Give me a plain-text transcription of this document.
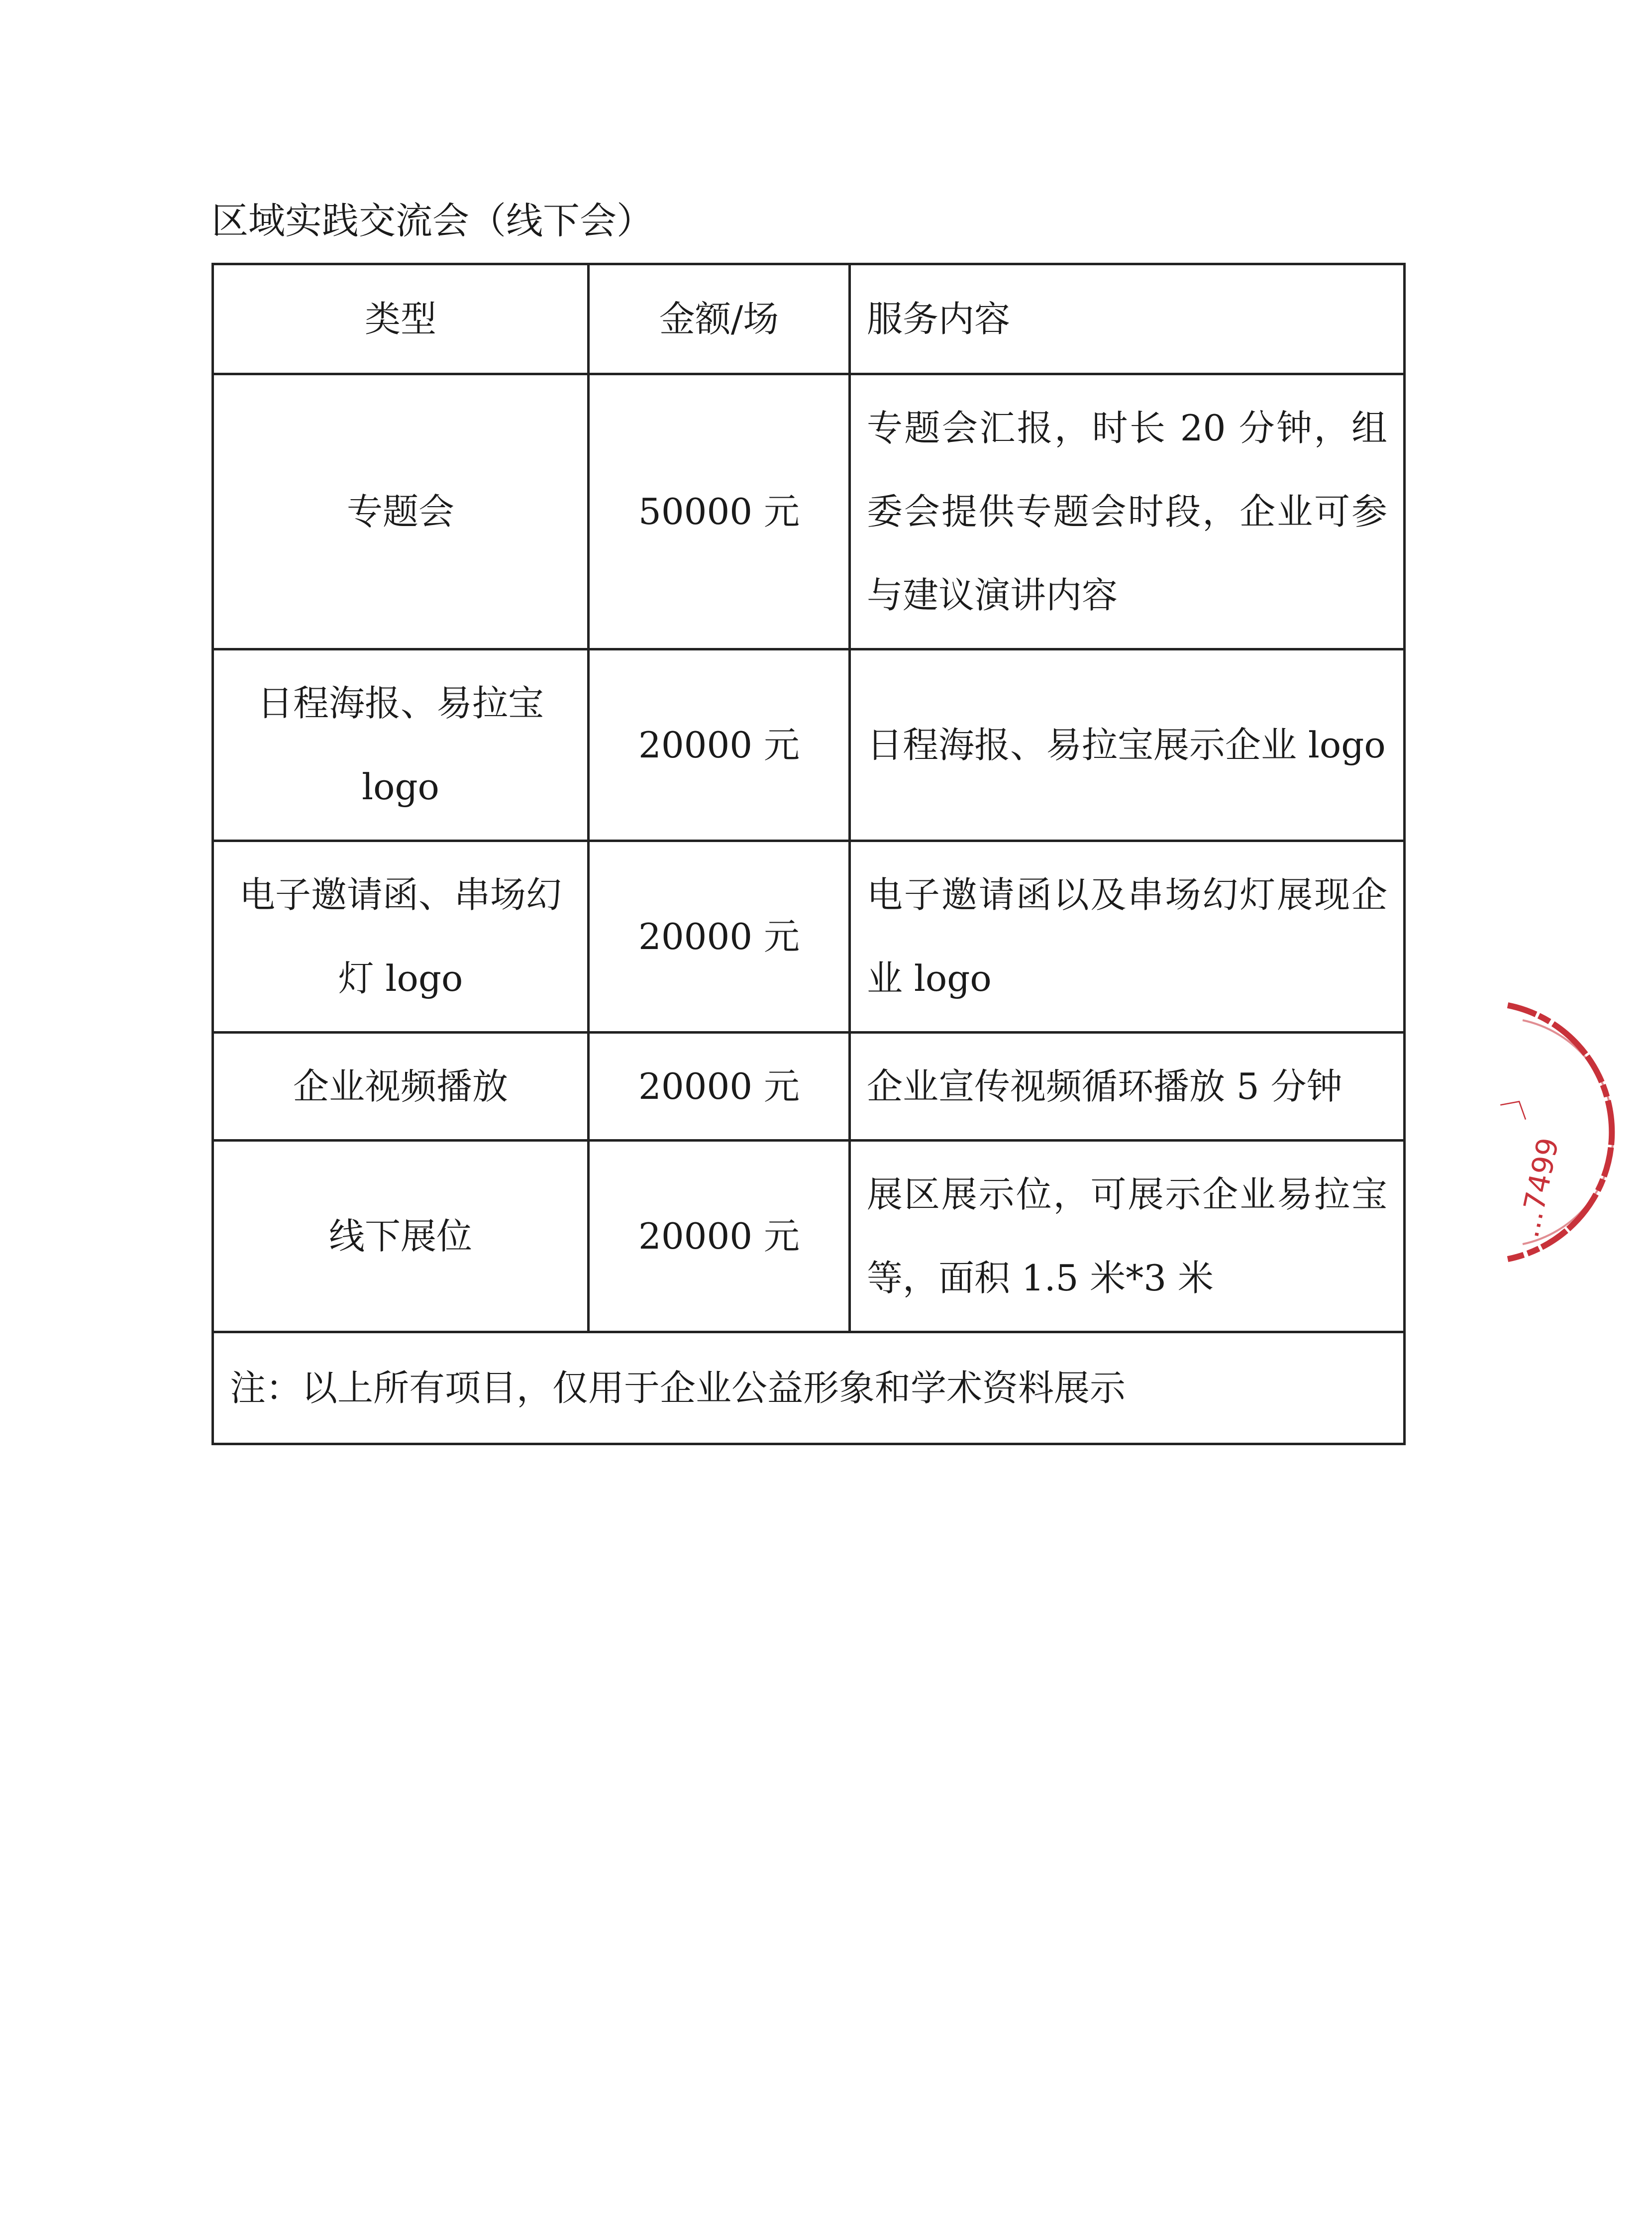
区域实践交流会（线下会）
类型	金额/场	服务内容
专题会	50000 元	专题会汇报，时长 20 分钟，组委会提供专题会时段，企业可参与建议演讲内容
日程海报、易拉宝 logo	20000 元	日程海报、易拉宝展示企业 logo
电子邀请函、串场幻灯 logo	20000 元	电子邀请函以及串场幻灯展现企业 logo
企业视频播放	20000 元	企业宣传视频循环播放 5 分钟
线下展位	20000 元	展区展示位，可展示企业易拉宝等，面积 1.5 米*3 米
注：以上所有项目，仅用于企业公益形象和学术资料展示		
...7499
〉
